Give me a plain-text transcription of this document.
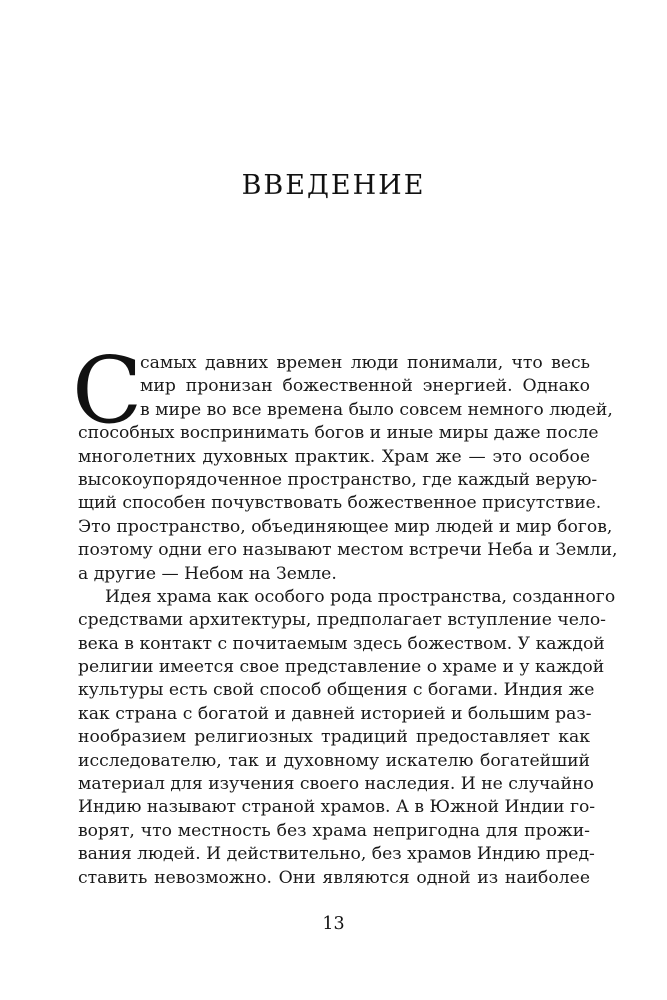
ВВЕДЕНИЕ
С
самых давних времен люди понимали, что весь
мир пронизан божественной энергией. Однако
в мире во все времена было совсем немного людей,
способных воспринимать богов и иные миры даже после
многолетних духовных практик. Храм же — это особое
высокоупорядоченное пространство, где каждый верую-
щий способен почувствовать божественное присутствие.
Это пространство, объединяющее мир людей и мир богов,
поэтому одни его называют местом встречи Неба и Земли,
а другие — Небом на Земле.
Идея храма как особого рода пространства, созданного
средствами архитектуры, предполагает вступление чело-
века в контакт с почитаемым здесь божеством. У каждой
религии имеется свое представление о храме и у каждой
культуры есть свой способ общения с богами. Индия же
как страна с богатой и давней историей и большим раз-
нообразием религиозных традиций предоставляет как
исследователю, так и духовному искателю богатейший
материал для изучения своего наследия. И не случайно
Индию называют страной храмов. А в Южной Индии го-
ворят, что местность без храма непригодна для прожи-
вания людей. И действительно, без храмов Индию пред-
ставить невозможно. Они являются одной из наиболее
13
